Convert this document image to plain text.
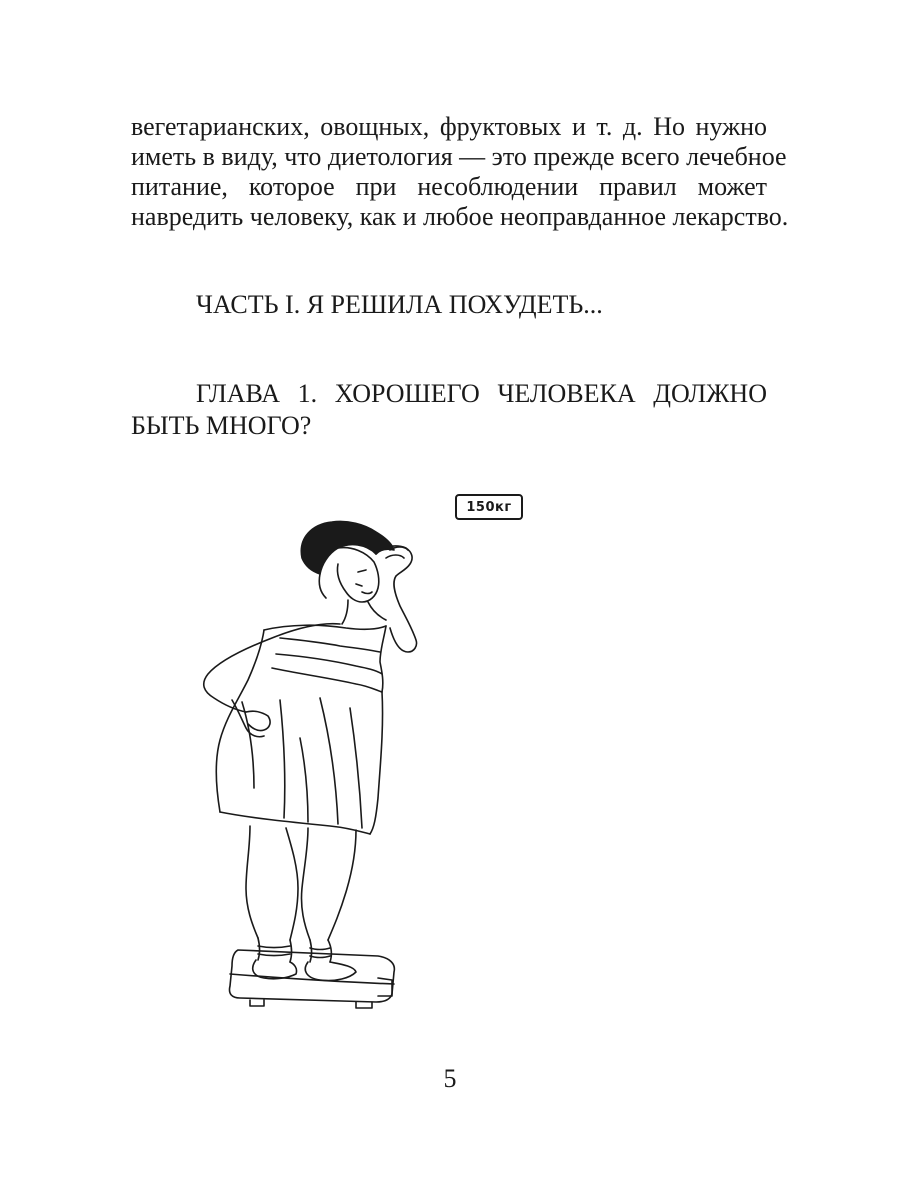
вегетарианских, овощных, фруктовых и т. д. Но нужно
иметь в виду, что диетология — это прежде всего лечебное
питание, которое при несоблюдении правил может
навредить человеку, как и любое неоправданное лекарство.
ЧАСТЬ I. Я РЕШИЛА ПОХУДЕТЬ...
ГЛАВА 1. ХОРОШЕГО ЧЕЛОВЕКА ДОЛЖНО
БЫТЬ МНОГО?
150кг
5
